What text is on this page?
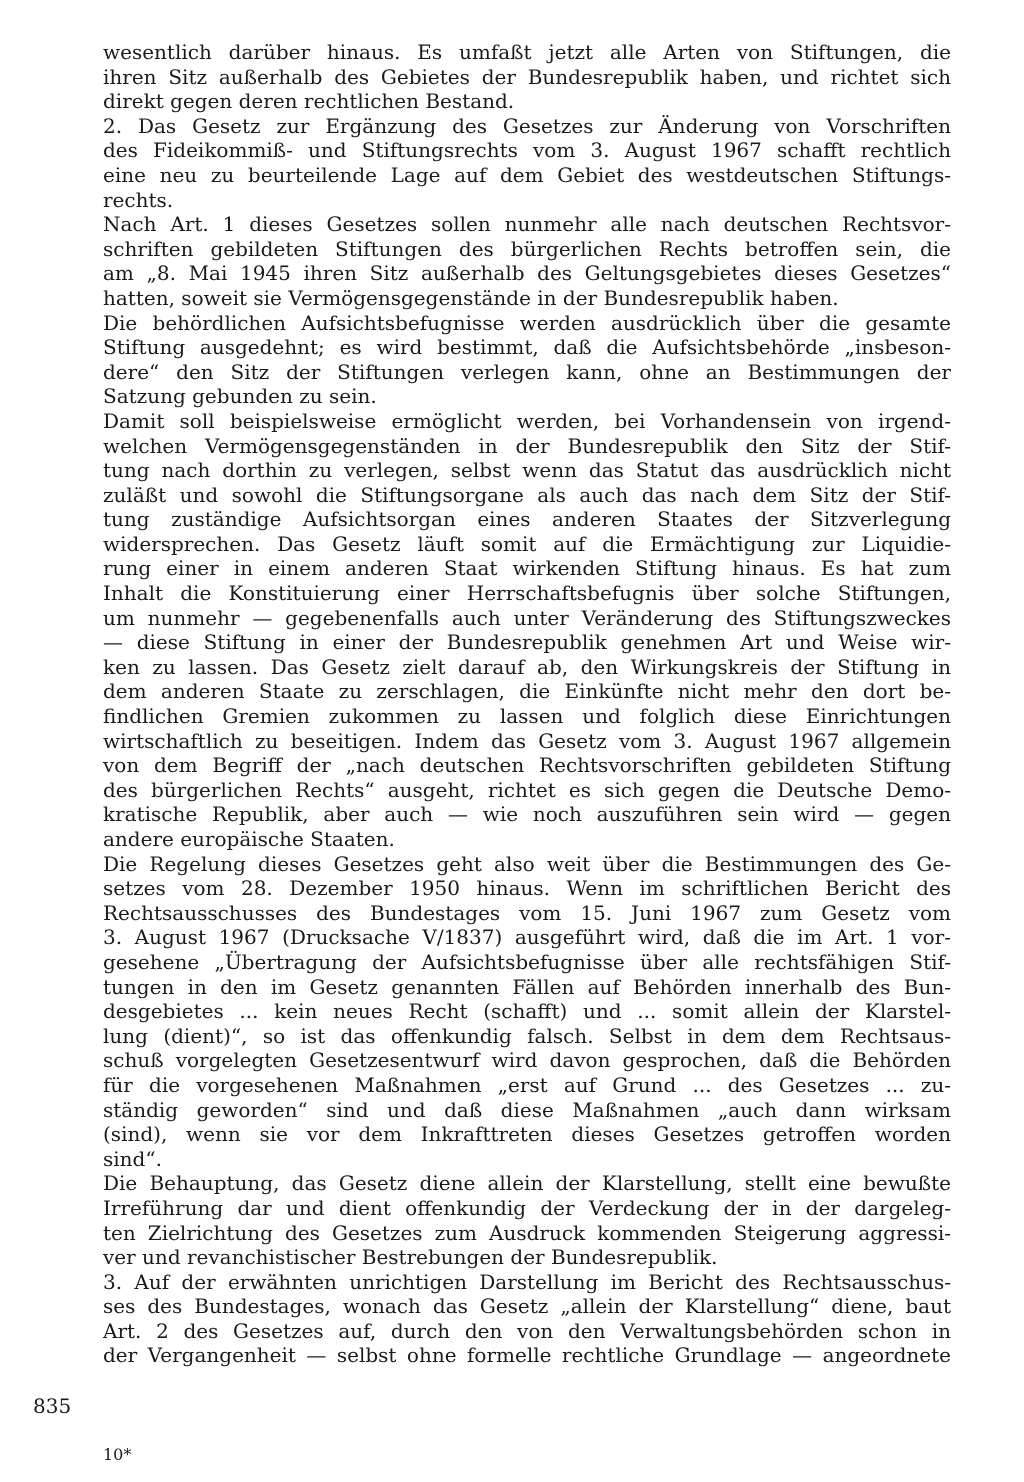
wesentlich darüber hinaus. Es umfaßt jetzt alle Arten von Stiftungen, die
ihren Sitz außerhalb des Gebietes der Bundesrepublik haben, und richtet sich
direkt gegen deren rechtlichen Bestand.

2. Das Gesetz zur Ergänzung des Gesetzes zur Änderung von Vorschriften
des Fideikommiß- und Stiftungsrechts vom 3. August 1967 schafft rechtlich
eine neu zu beurteilende Lage auf dem Gebiet des westdeutschen Stiftungs-
rechts.

Nach Art. 1 dieses Gesetzes sollen nunmehr alle nach deutschen Rechtsvor-
schriften gebildeten Stiftungen des bürgerlichen Rechts betroffen sein, die
am „8. Mai 1945 ihren Sitz außerhalb des Geltungsgebietes dieses Gesetzes“
hatten, soweit sie Vermögensgegenstände in der Bundesrepublik haben.

Die behördlichen Aufsichtsbefugnisse werden ausdrücklich über die gesamte
Stiftung ausgedehnt; es wird bestimmt, daß die Aufsichtsbehörde „insbeson-
dere“ den Sitz der Stiftungen verlegen kann, ohne an Bestimmungen der
Satzung gebunden zu sein.

Damit soll beispielsweise ermöglicht werden, bei Vorhandensein von irgend-
welchen Vermögensgegenständen in der Bundesrepublik den Sitz der Stif-
tung nach dorthin zu verlegen, selbst wenn das Statut das ausdrücklich nicht
zuläßt und sowohl die Stiftungsorgane als auch das nach dem Sitz der Stif-
tung zuständige Aufsichtsorgan eines anderen Staates der Sitzverlegung
widersprechen. Das Gesetz läuft somit auf die Ermächtigung zur Liquidie-
rung einer in einem anderen Staat wirkenden Stiftung hinaus. Es hat zum
Inhalt die Konstituierung einer Herrschaftsbefugnis über solche Stiftungen,
um nunmehr — gegebenenfalls auch unter Veränderung des Stiftungszweckes
— diese Stiftung in einer der Bundesrepublik genehmen Art und Weise wir-
ken zu lassen. Das Gesetz zielt darauf ab, den Wirkungskreis der Stiftung in
dem anderen Staate zu zerschlagen, die Einkünfte nicht mehr den dort be-
findlichen Gremien zukommen zu lassen und folglich diese Einrichtungen
wirtschaftlich zu beseitigen. Indem das Gesetz vom 3. August 1967 allgemein
von dem Begriff der „nach deutschen Rechtsvorschriften gebildeten Stiftung
des bürgerlichen Rechts“ ausgeht, richtet es sich gegen die Deutsche Demo-
kratische Republik, aber auch — wie noch auszuführen sein wird — gegen
andere europäische Staaten.

Die Regelung dieses Gesetzes geht also weit über die Bestimmungen des Ge-
setzes vom 28. Dezember 1950 hinaus. Wenn im schriftlichen Bericht des
Rechtsausschusses des Bundestages vom 15. Juni 1967 zum Gesetz vom
3. August 1967 (Drucksache V/1837) ausgeführt wird, daß die im Art. 1 vor-
gesehene „Übertragung der Aufsichtsbefugnisse über alle rechtsfähigen Stif-
tungen in den im Gesetz genannten Fällen auf Behörden innerhalb des Bun-
desgebietes ... kein neues Recht (schafft) und ... somit allein der Klarstel-
lung (dient)“, so ist das offenkundig falsch. Selbst in dem dem Rechtsaus-
schuß vorgelegten Gesetzesentwurf wird davon gesprochen, daß die Behörden
für die vorgesehenen Maßnahmen „erst auf Grund ... des Gesetzes ... zu-
ständig geworden“ sind und daß diese Maßnahmen „auch dann wirksam
(sind), wenn sie vor dem Inkrafttreten dieses Gesetzes getroffen worden
sind“.

Die Behauptung, das Gesetz diene allein der Klarstellung, stellt eine bewußte
Irreführung dar und dient offenkundig der Verdeckung der in der dargeleg-
ten Zielrichtung des Gesetzes zum Ausdruck kommenden Steigerung aggressi-
ver und revanchistischer Bestrebungen der Bundesrepublik.

3. Auf der erwähnten unrichtigen Darstellung im Bericht des Rechtsausschus-
ses des Bundestages, wonach das Gesetz „allein der Klarstellung“ diene, baut
Art. 2 des Gesetzes auf, durch den von den Verwaltungsbehörden schon in
der Vergangenheit — selbst ohne formelle rechtliche Grundlage — angeordnete

835
10*
